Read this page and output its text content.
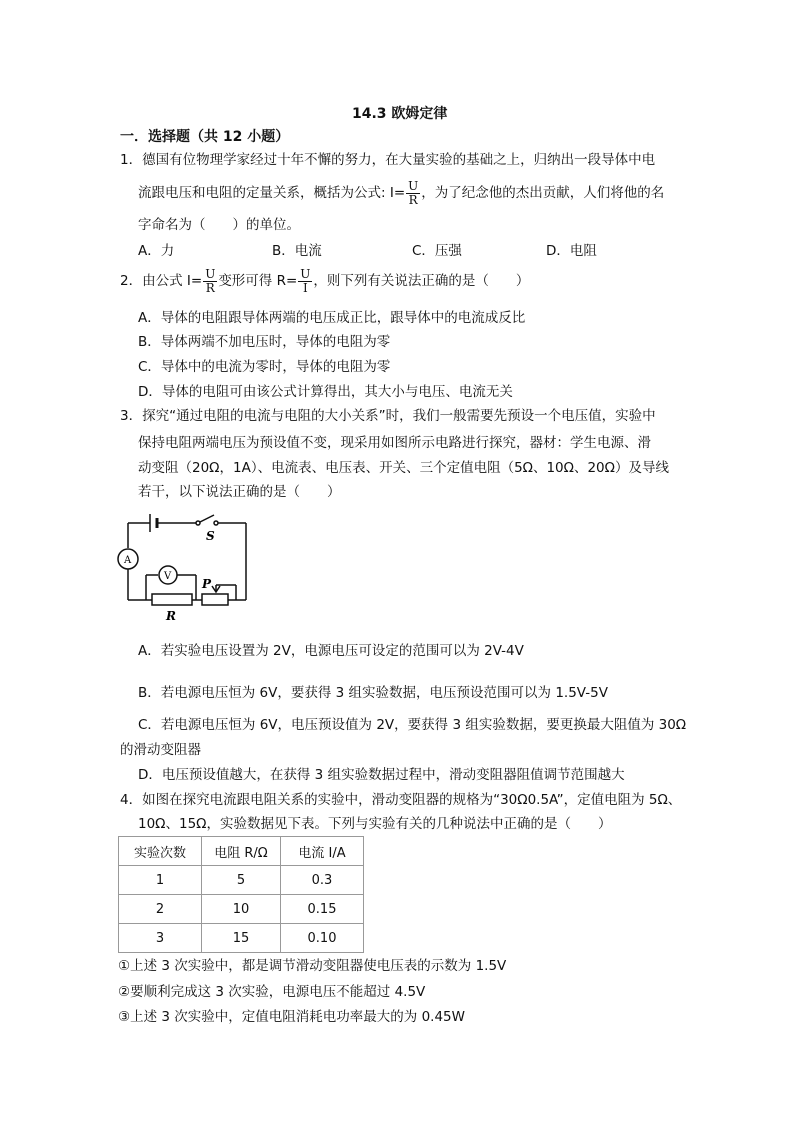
14.3 欧姆定律
一．选择题（共 12 小题）
1．德国有位物理学家经过十年不懈的努力，在大量实验的基础之上，归纳出一段导体中电
流跟电压和电阻的定量关系，概括为公式: $I= \frac{U}{R}$ ，为了纪念他的杰出贡献，人们将他的名
字命名为（　　）的单位。
A．力	B．电流	C．压强	D．电阻
2．由公式 $I= \frac{U}{R}$ 变形可得 $R= \frac{U}{I}$ ，则下列有关说法正确的是（　　）
A．导体的电阻跟导体两端的电压成正比，跟导体中的电流成反比
B．导体两端不加电压时，导体的电阻为零
C．导体中的电流为零时，导体的电阻为零
D．导体的电阻可由该公式计算得出，其大小与电压、电流无关
3．探究“通过电阻的电流与电阻的大小关系”时，我们一般需要先预设一个电压值，实验中
保持电阻两端电压为预设值不变，现采用如图所示电路进行探究，器材：学生电源、滑
动变阻（20Ω，1A）、电流表、电压表、开关、三个定值电阻（5Ω、10Ω、20Ω）及导线
若干，以下说法正确的是（　　）
A
V
S
P
R
A．若实验电压设置为 2V，电源电压可设定的范围可以为 2V-4V
B．若电源电压恒为 6V，要获得 3 组实验数据，电压预设范围可以为 1.5V-5V
C．若电源电压恒为 6V，电压预设值为 2V，要获得 3 组实验数据，要更换最大阻值为 30Ω
的滑动变阻器
D．电压预设值越大，在获得 3 组实验数据过程中，滑动变阻器阻值调节范围越大
4．如图在探究电流跟电阻关系的实验中，滑动变阻器的规格为“30Ω0.5A”，定值电阻为 5Ω、
10Ω、15Ω，实验数据见下表。下列与实验有关的几种说法中正确的是（　　）
实验次数	电阻 R/Ω	电流 I/A
1	5	0.3
2	10	0.15
3	15	0.10
①上述 3 次实验中，都是调节滑动变阻器使电压表的示数为 1.5V
②要顺利完成这 3 次实验，电源电压不能超过 4.5V
③上述 3 次实验中，定值电阻消耗电功率最大的为 0.45W
